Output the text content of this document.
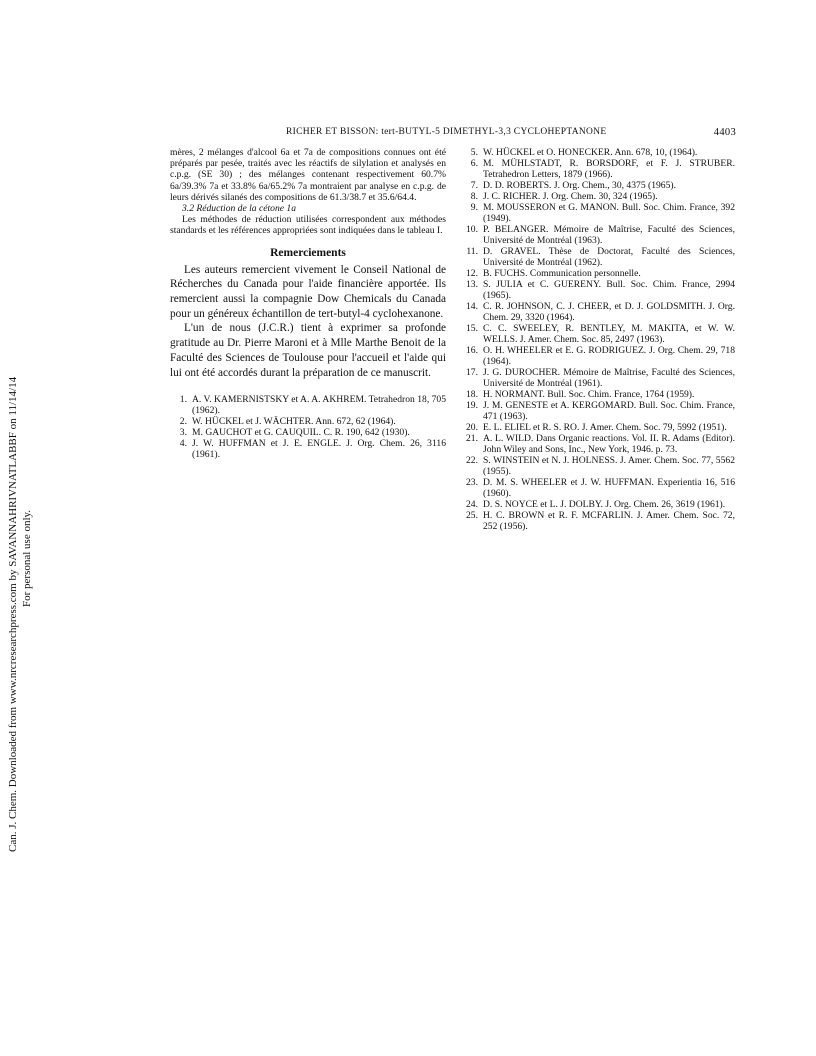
Can. J. Chem. Downloaded from www.nrcresearchpress.com by SAVANNAHRIVNATLABBF on 11/14/14 For personal use only.
RICHER ET BISSON: tert-BUTYL-5 DIMETHYL-3,3 CYCLOHEPTANONE	4403

mères, 2 mélanges d'alcool 6a et 7a de compositions connues ont été préparés par pesée, traités avec les réactifs de silylation et analysés en c.p.g. (SE 30) ; des mélanges contenant respectivement 60.7% 6a/39.3% 7a et 33.8% 6a/65.2% 7a montraient par analyse en c.p.g. de leurs dérivés silanés des compositions de 61.3/38.7 et 35.6/64.4.

3.2 Réduction de la cétone 1a

Les méthodes de réduction utilisées correspondent aux méthodes standards et les références appropriées sont indiquées dans le tableau I.

Remerciements

Les auteurs remercient vivement le Conseil National de Récherches du Canada pour l'aide financière apportée. Ils remercient aussi la compagnie Dow Chemicals du Canada pour un généreux échantillon de tert-butyl-4 cyclohexanone.

L'un de nous (J.C.R.) tient à exprimer sa profonde gratitude au Dr. Pierre Maroni et à Mlle Marthe Benoit de la Faculté des Sciences de Toulouse pour l'accueil et l'aide qui lui ont été accordés durant la préparation de ce manuscrit.

1. A. V. KAMERNISTSKY et A. A. AKHREM. Tetrahedron 18, 705 (1962).
2. W. HÜCKEL et J. WÄCHTER. Ann. 672, 62 (1964).
3. M. GAUCHOT et G. CAUQUIL. C. R. 190, 642 (1930).
4. J. W. HUFFMAN et J. E. ENGLE. J. Org. Chem. 26, 3116 (1961).
5. W. HÜCKEL et O. HONECKER. Ann. 678, 10, (1964).
6. M. MÜHLSTADT, R. BORSDORF, et F. J. STRUBER. Tetrahedron Letters, 1879 (1966).
7. D. D. ROBERTS. J. Org. Chem., 30, 4375 (1965).
8. J. C. RICHER. J. Org. Chem. 30, 324 (1965).
9. M. MOUSSERON et G. MANON. Bull. Soc. Chim. France, 392 (1949).
10. P. BELANGER. Mémoire de Maîtrise, Faculté des Sciences, Université de Montréal (1963).
11. D. GRAVEL. Thèse de Doctorat, Faculté des Sciences, Université de Montréal (1962).
12. B. FUCHS. Communication personnelle.
13. S. JULIA et C. GUERENY. Bull. Soc. Chim. France, 2994 (1965).
14. C. R. JOHNSON, C. J. CHEER, et D. J. GOLDSMITH. J. Org. Chem. 29, 3320 (1964).
15. C. C. SWEELEY, R. BENTLEY, M. MAKITA, et W. W. WELLS. J. Amer. Chem. Soc. 85, 2497 (1963).
16. O. H. WHEELER et E. G. RODRIGUEZ. J. Org. Chem. 29, 718 (1964).
17. J. G. DUROCHER. Mémoire de Maîtrise, Faculté des Sciences, Université de Montréal (1961).
18. H. NORMANT. Bull. Soc. Chim. France, 1764 (1959).
19. J. M. GENESTE et A. KERGOMARD. Bull. Soc. Chim. France, 471 (1963).
20. E. L. ELIEL et R. S. RO. J. Amer. Chem. Soc. 79, 5992 (1951).
21. A. L. WILD. Dans Organic reactions. Vol. II. R. Adams (Editor). John Wiley and Sons, Inc., New York, 1946. p. 73.
22. S. WINSTEIN et N. J. HOLNESS. J. Amer. Chem. Soc. 77, 5562 (1955).
23. D. M. S. WHEELER et J. W. HUFFMAN. Experientia 16, 516 (1960).
24. D. S. NOYCE et L. J. DOLBY. J. Org. Chem. 26, 3619 (1961).
25. H. C. BROWN et R. F. MCFARLIN. J. Amer. Chem. Soc. 72, 252 (1956).
